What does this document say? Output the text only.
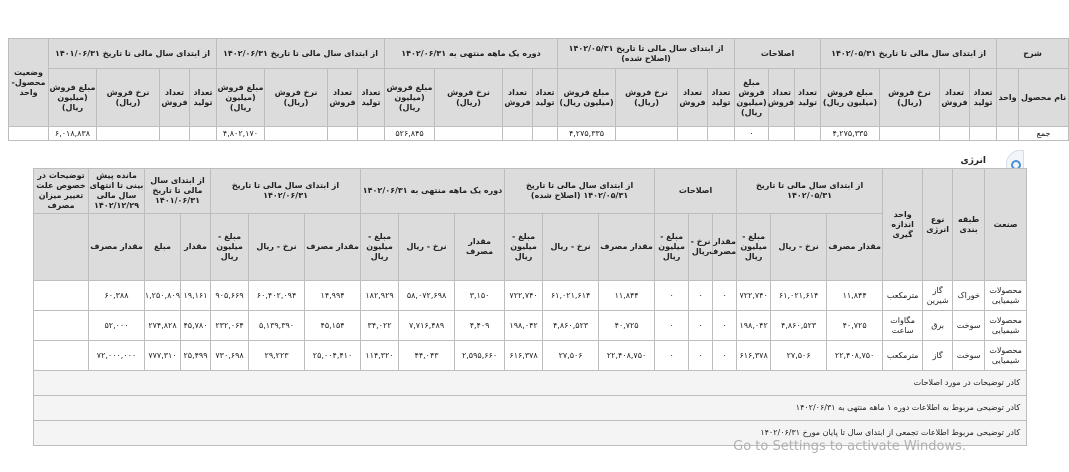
شرح		از ابتدای سال مالی تا تاریخ ۱۴۰۲/۰۵/۳۱				اصلاحات			از ابتدای سال مالی تا تاریخ ۱۴۰۲/۰۵/۳۱ (اصلاح شده)				دوره یک ماهه منتهی به ۱۴۰۲/۰۶/۳۱				از ابتدای سال مالی تا تاریخ ۱۴۰۲/۰۶/۳۱				از ابتدای سال مالی تا تاریخ ۱۴۰۱/۰۶/۳۱				وضعیت محصول- واحد
نام محصول	واحد	تعداد تولید	تعداد فروش	نرخ فروش (ریال)	مبلغ فروش (میلیون ریال)	تعداد تولید	تعداد فروش	مبلغ فروش (میلیون ریال)	تعداد تولید	تعداد فروش	نرخ فروش (ریال)	مبلغ فروش (میلیون ریال)	تعداد تولید	تعداد فروش	نرخ فروش (ریال)	مبلغ فروش (میلیون ریال)	تعداد تولید	تعداد فروش	نرخ فروش (ریال)	مبلغ فروش (میلیون ریال)	تعداد تولید	تعداد فروش	نرخ فروش (ریال)	مبلغ فروش (میلیون ریال)	
جمع					۴,۲۷۵,۳۳۵			۰				۴,۲۷۵,۳۳۵				۵۲۶,۸۴۵				۴,۸۰۲,۱۷۰				۶,۰۱۸,۸۳۸	
انرژی
صنعت	طبقه بندی	نوع انرژی	واحد اندازه گیری	از ابتدای سال مالی تا تاریخ ۱۴۰۲/۰۵/۳۱			اصلاحات			از ابتدای سال مالی تا تاریخ ۱۴۰۲/۰۵/۳۱ (اصلاح شده)			دوره یک ماهه منتهی به ۱۴۰۲/۰۶/۳۱			از ابتدای سال مالی تا تاریخ ۱۴۰۲/۰۶/۳۱			از ابتدای سال مالی تا تاریخ ۱۴۰۱/۰۶/۳۱		مانده پیش بینی تا انتهای سال مالی ۱۴۰۲/۱۲/۲۹	توضیحات در خصوص علت تغییر میزان مصرف
				مقدار مصرف	نرخ - ریال	مبلغ - میلیون ریال	مقدار مصرف	نرخ - ریال	مبلغ - میلیون ریال	مقدار مصرف	نرخ - ریال	مبلغ - میلیون ریال	مقدار مصرف	نرخ - ریال	مبلغ - میلیون ریال	مقدار مصرف	نرخ - ریال	مبلغ - میلیون ریال	مقدار	مبلغ	مقدار مصرف	
محصولات شیمیایی	خوراک	گاز شیرین	مترمکعب	۱۱,۸۴۴	۶۱,۰۲۱,۶۱۴	۷۲۲,۷۴۰	۰	۰	۰	۱۱,۸۴۴	۶۱,۰۲۱,۶۱۴	۷۲۲,۷۴۰	۳,۱۵۰	۵۸,۰۷۲,۶۹۸	۱۸۲,۹۲۹	۱۴,۹۹۴	۶۰,۴۰۲,۰۹۴	۹۰۵,۶۶۹	۱۹,۱۶۱	۱,۲۵۰,۸۰۹	۶۰,۳۸۸	
محصولات شیمیایی	سوخت	برق	مگاوات ساعت	۴۰,۷۲۵	۴,۸۶۰,۵۲۳	۱۹۸,۰۴۲	۰	۰	۰	۴۰,۷۲۵	۴,۸۶۰,۵۲۳	۱۹۸,۰۴۲	۴,۴۰۹	۷,۷۱۶,۴۸۹	۳۴,۰۲۲	۴۵,۱۵۴	۵,۱۳۹,۳۹۰	۲۳۲,۰۶۴	۴۵,۷۸۰	۲۷۴,۸۲۸	۵۲,۰۰۰	
محصولات شیمیایی	سوخت	گاز	مترمکعب	۲۲,۴۰۸,۷۵۰	۲۷,۵۰۶	۶۱۶,۳۷۸	۰	۰	۰	۲۲,۴۰۸,۷۵۰	۲۷,۵۰۶	۶۱۶,۳۷۸	۲,۵۹۵,۶۶۰	۴۴,۰۴۳	۱۱۴,۳۲۰	۲۵,۰۰۴,۴۱۰	۲۹,۲۲۳	۷۳۰,۶۹۸	۲۵,۴۹۹	۷۷۷,۳۱۰	۷۲,۰۰۰,۰۰۰	
کادر توضیحات در مورد اصلاحات																						
کادر توضیحی مربوط به اطلاعات دوره ۱ ماهه منتهی به ۱۴۰۲/۰۶/۳۱																						
کادر توضیحی مربوط اطلاعات تجمعی از ابتدای سال تا پایان مورخ ۱۴۰۲/۰۶/۳۱																						
Go to Settings to activate Windows.
